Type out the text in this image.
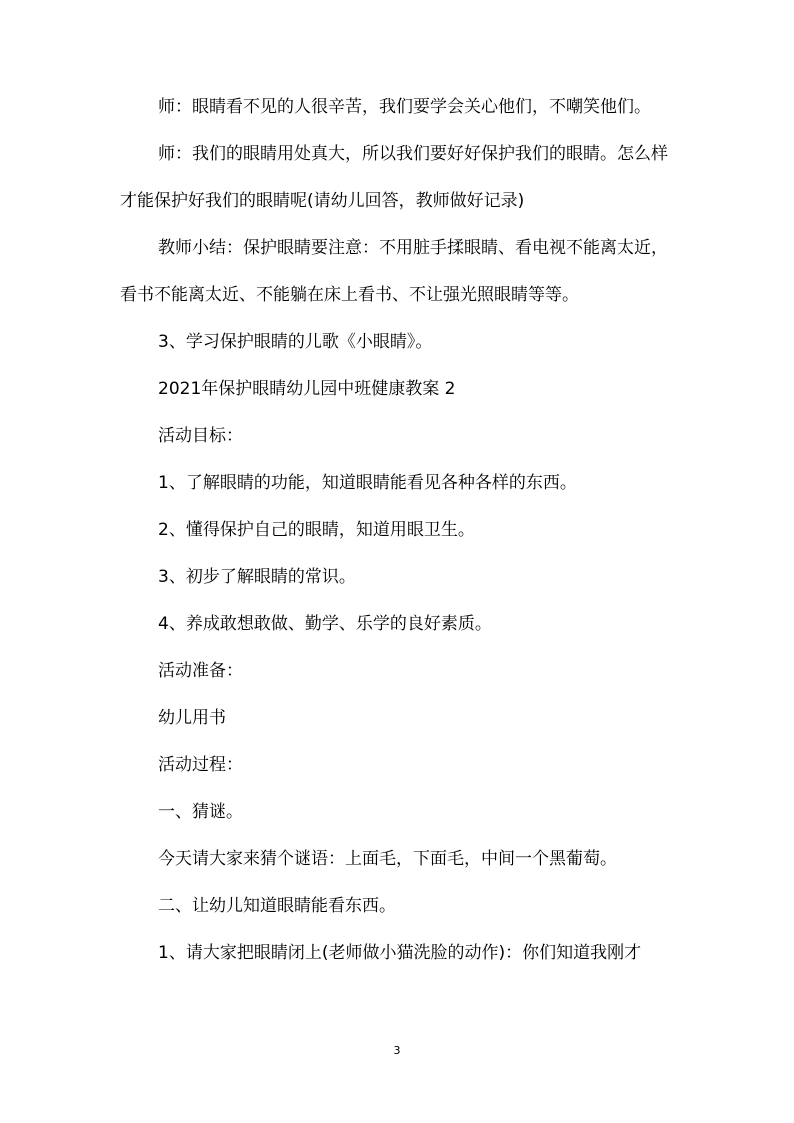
师：眼睛看不见的人很辛苦，我们要学会关心他们，不嘲笑他们。

师：我们的眼睛用处真大，所以我们要好好保护我们的眼睛。怎么样才能保护好我们的眼睛呢(请幼儿回答，教师做好记录)

教师小结：保护眼睛要注意：不用脏手揉眼睛、看电视不能离太近，看书不能离太近、不能躺在床上看书、不让强光照眼睛等等。

3、学习保护眼睛的儿歌《小眼睛》。

2021年保护眼睛幼儿园中班健康教案 2

活动目标：

1、了解眼睛的功能，知道眼睛能看见各种各样的东西。

2、懂得保护自己的眼睛，知道用眼卫生。

3、初步了解眼睛的常识。

4、养成敢想敢做、勤学、乐学的良好素质。

活动准备：

幼儿用书

活动过程：

一、猜谜。

今天请大家来猜个谜语：上面毛，下面毛，中间一个黑葡萄。

二、让幼儿知道眼睛能看东西。

1、请大家把眼睛闭上(老师做小猫洗脸的动作)：你们知道我刚才

3
